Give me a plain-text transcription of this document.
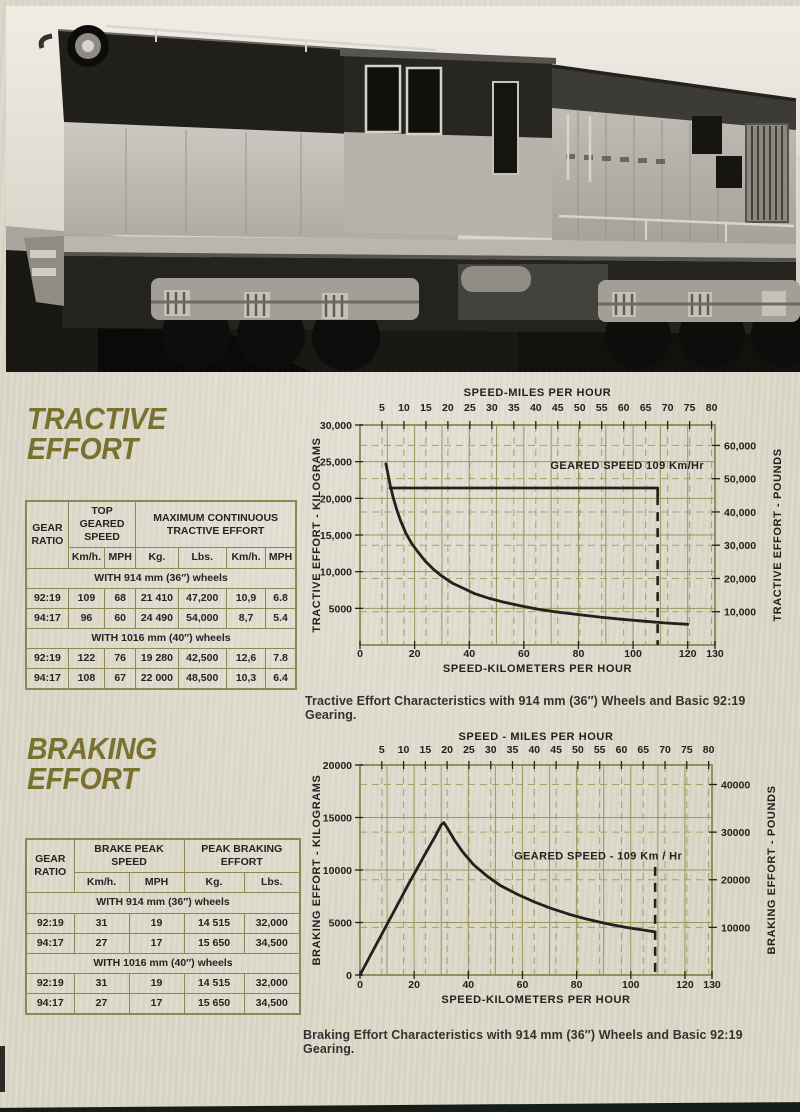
TRACTIVE
EFFORT
GEAR RATIO	TOP GEARED SPEED		MAXIMUM CONTINUOUS TRACTIVE EFFORT			
	Km/h.	MPH	Kg.	Lbs.	Km/h.	MPH
WITH 914 mm (36″) wheels						
92:19	109	68	21 410	47,200	10,9	6.8
94:17	96	60	24 490	54,000	8,7	5.4
WITH 1016 mm (40″) wheels						
92:19	122	76	19 280	42,500	12,6	7.8
94:17	108	67	22 000	48,500	10,3	6.4
5 10 15 20 25 30 35 40 45 50 55 60 65 70 75 80
0	20	40	60	80	100	120 130
30,000
25,000
20,000
15,000
10,000
5000
60,000
50,000
40,000
30,000
20,000
10,000
SPEED-MILES PER HOUR
SPEED-KILOMETERS PER HOUR
TRACTIVE EFFORT - KILOGRAMS	TRACTIVE EFFORT - POUNDS
GEARED SPEED 109 Km/Hr

Tractive Effort Characteristics with 914 mm (36″) Wheels and Basic 92:19 Gearing.

BRAKING
EFFORT
GEAR RATIO	BRAKE PEAK SPEED		PEAK BRAKING EFFORT	
	Km/h.	MPH	Kg.	Lbs.
WITH 914 mm (36″) wheels				
92:19	31	19	14 515	32,000
94:17	27	17	15 650	34,500
WITH 1016 mm (40″) wheels				
92:19	31	19	14 515	32,000
94:17	27	17	15 650	34,500
5 10 15 20 25 30 35 40 45 50 55 60 65 70 75 80
0	20	40	60	80	100	120 130
20000
15000
10000
5000
0
40000
30000
20000
10000
SPEED - MILES PER HOUR
SPEED-KILOMETERS PER HOUR
BRAKING EFFORT - KILOGRAMS	BRAKING EFFORT - POUNDS
GEARED SPEED - 109 Km / Hr

Braking Effort Characteristics with 914 mm (36″) Wheels and Basic 92:19 Gearing.
